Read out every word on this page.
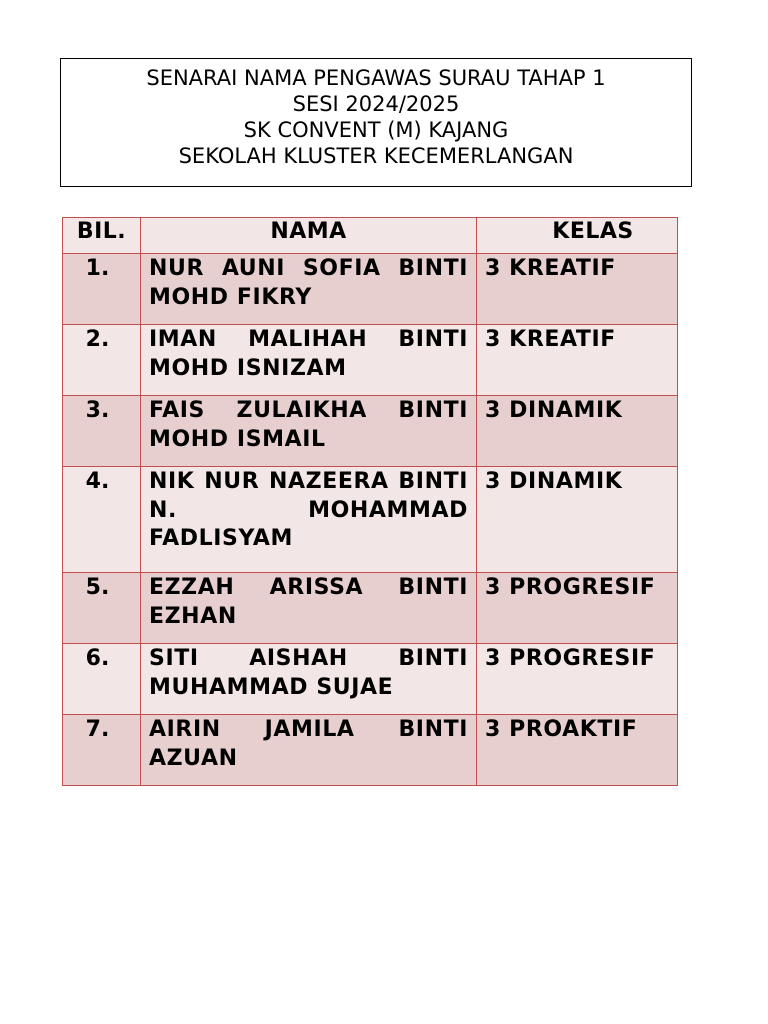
SENARAI NAMA PENGAWAS SURAU TAHAP 1
SESI 2024/2025
SK CONVENT (M) KAJANG
SEKOLAH KLUSTER KECEMERLANGAN
BIL.	NAMA	KELAS
1.	NUR AUNI SOFIA BINTI MOHD FIKRY	3 KREATIF
2.	IMAN MALIHAH BINTI MOHD ISNIZAM	3 KREATIF
3.	FAIS ZULAIKHA BINTI MOHD ISMAIL	3 DINAMIK
4.	NIK NUR NAZEERA BINTI N. MOHAMMAD FADLISYAM	3 DINAMIK
5.	EZZAH ARISSA BINTI EZHAN	3 PROGRESIF
6.	SITI AISHAH BINTI MUHAMMAD SUJAE	3 PROGRESIF
7.	AIRIN JAMILA BINTI AZUAN	3 PROAKTIF
